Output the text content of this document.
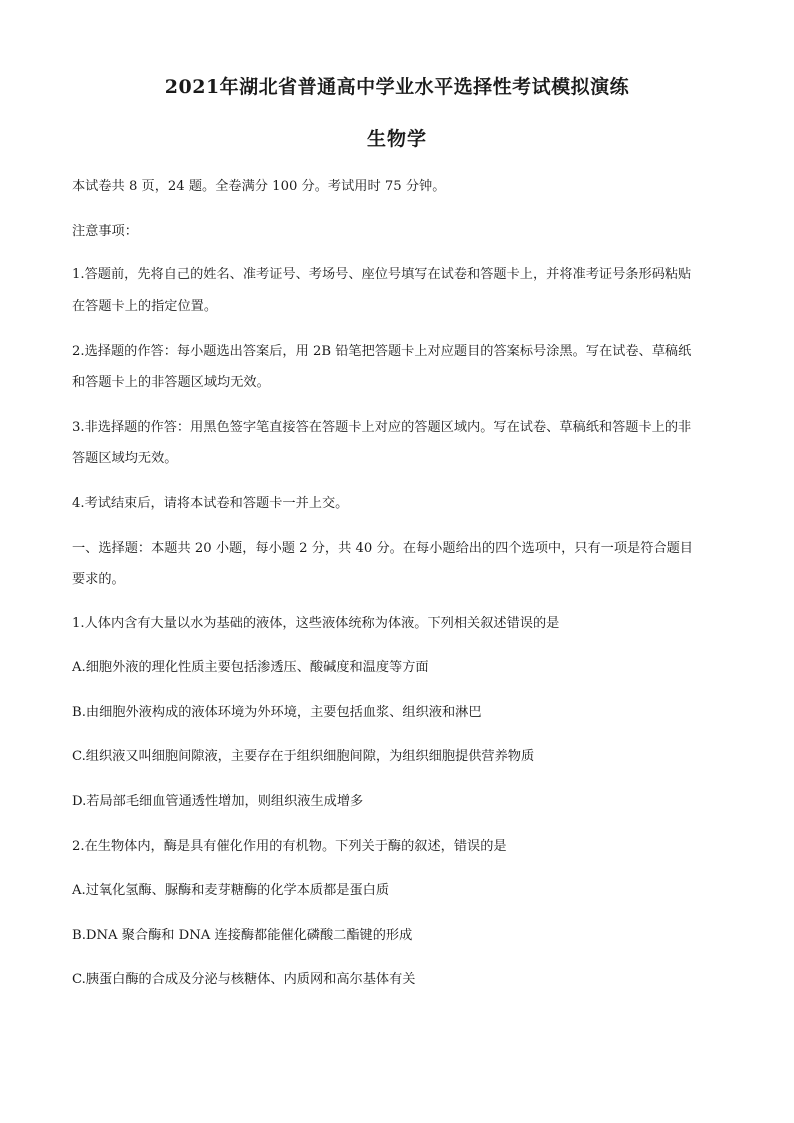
2021年湖北省普通高中学业水平选择性考试模拟演练
生物学
本试卷共 8 页，24 题。全卷满分 100 分。考试用时 75 分钟。
注意事项：
1.答题前，先将自己的姓名、准考证号、考场号、座位号填写在试卷和答题卡上，并将准考证号条形码粘贴
在答题卡上的指定位置。
2.选择题的作答：每小题选出答案后，用 2B 铅笔把答题卡上对应题目的答案标号涂黑。写在试卷、草稿纸
和答题卡上的非答题区域均无效。
3.非选择题的作答：用黑色签字笔直接答在答题卡上对应的答题区域内。写在试卷、草稿纸和答题卡上的非
答题区域均无效。
4.考试结束后，请将本试卷和答题卡一并上交。
一、选择题：本题共 20 小题，每小题 2 分，共 40 分。在每小题给出的四个选项中，只有一项是符合题目
要求的。
1.人体内含有大量以水为基础的液体，这些液体统称为体液。下列相关叙述错误的是
A.细胞外液的理化性质主要包括渗透压、酸碱度和温度等方面
B.由细胞外液构成的液体环境为外环境，主要包括血浆、组织液和淋巴
C.组织液又叫细胞间隙液，主要存在于组织细胞间隙，为组织细胞提供营养物质
D.若局部毛细血管通透性增加，则组织液生成增多
2.在生物体内，酶是具有催化作用的有机物。下列关于酶的叙述，错误的是
A.过氧化氢酶、脲酶和麦芽糖酶的化学本质都是蛋白质
B.DNA 聚合酶和 DNA 连接酶都能催化磷酸二酯键的形成
C.胰蛋白酶的合成及分泌与核糖体、内质网和高尔基体有关
